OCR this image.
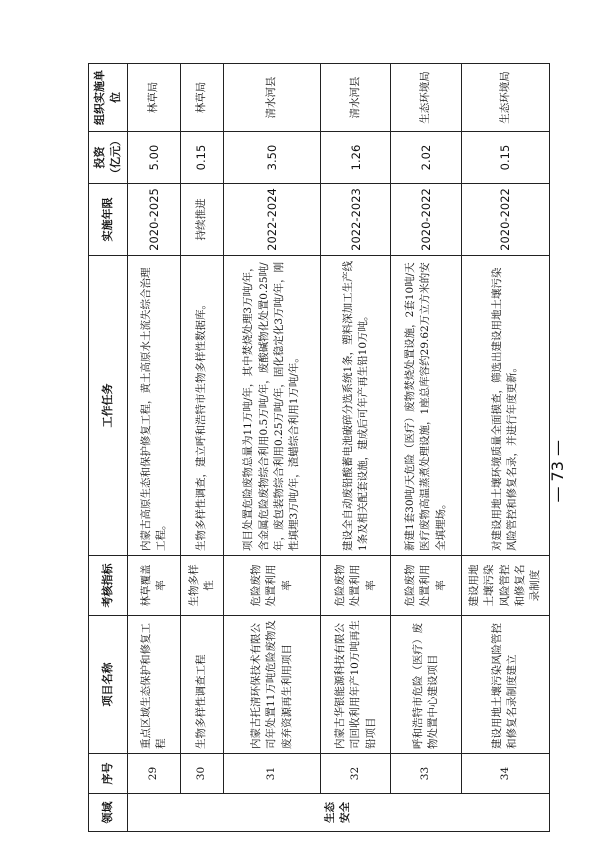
领域	序号	项目名称	考核指标	工作任务	实施年限	投资（亿元）	组织实施单位
生态安全	29	重点区域生态保护和修复工程	林草覆盖率	内蒙古高原生态和保护修复工程，黄土高原水土流失综合治理工程。	2020-2025	5.00	林草局
	30	生物多样性调查工程	生物多样性	生物多样性调查，建立呼和浩特市生物多样性数据库。	持续推进	0.15	林草局
	31	内蒙古托清环保技术有限公司年处置11万吨危险废物及废弃资源再生利用项目	危险废物处置利用率	项目处置危险废物总量为11万吨/年，其中焚烧处理3万吨/年，含金属危险废物综合利用0.5万吨/年，废酸碱物化处置0.25吨/年，废包装物综合利用0.25万吨/年，固化稳定化3万吨/年，刚性填埋3万吨/年，渣蜡综合利用1万吨/年。	2022-2024	3.50	清水河县
	32	内蒙古华银能源科技有限公司回收利用年产10万吨再生铅项目	危险废物处置利用率	建设全自动废铅酸蓄电池破碎分选系统1条，塑料深加工生产线1条及相关配套设施，建成后可年产再生铅10万吨。	2022-2023	1.26	清水河县
	33	呼和浩特市危险（医疗）废物处置中心建设项目	危险废物处置利用率	新建1套30吨/天危险（医疗）废物焚烧处置设施，2套10吨/天医疗废物高温蒸煮处理设施，1座总库容约29.62万立方米的安全填埋场。	2020-2022	2.02	生态环境局
	34	建设用地土壤污染风险管控和修复名录制度建立	建设用地土壤污染风险管控和修复名录制度	对建设用地土壤环境质量全面摸查，筛选出建设用地土壤污染风险管控和修复名录，并进行年度更新。	2020-2022	0.15	生态环境局
— 73 —
